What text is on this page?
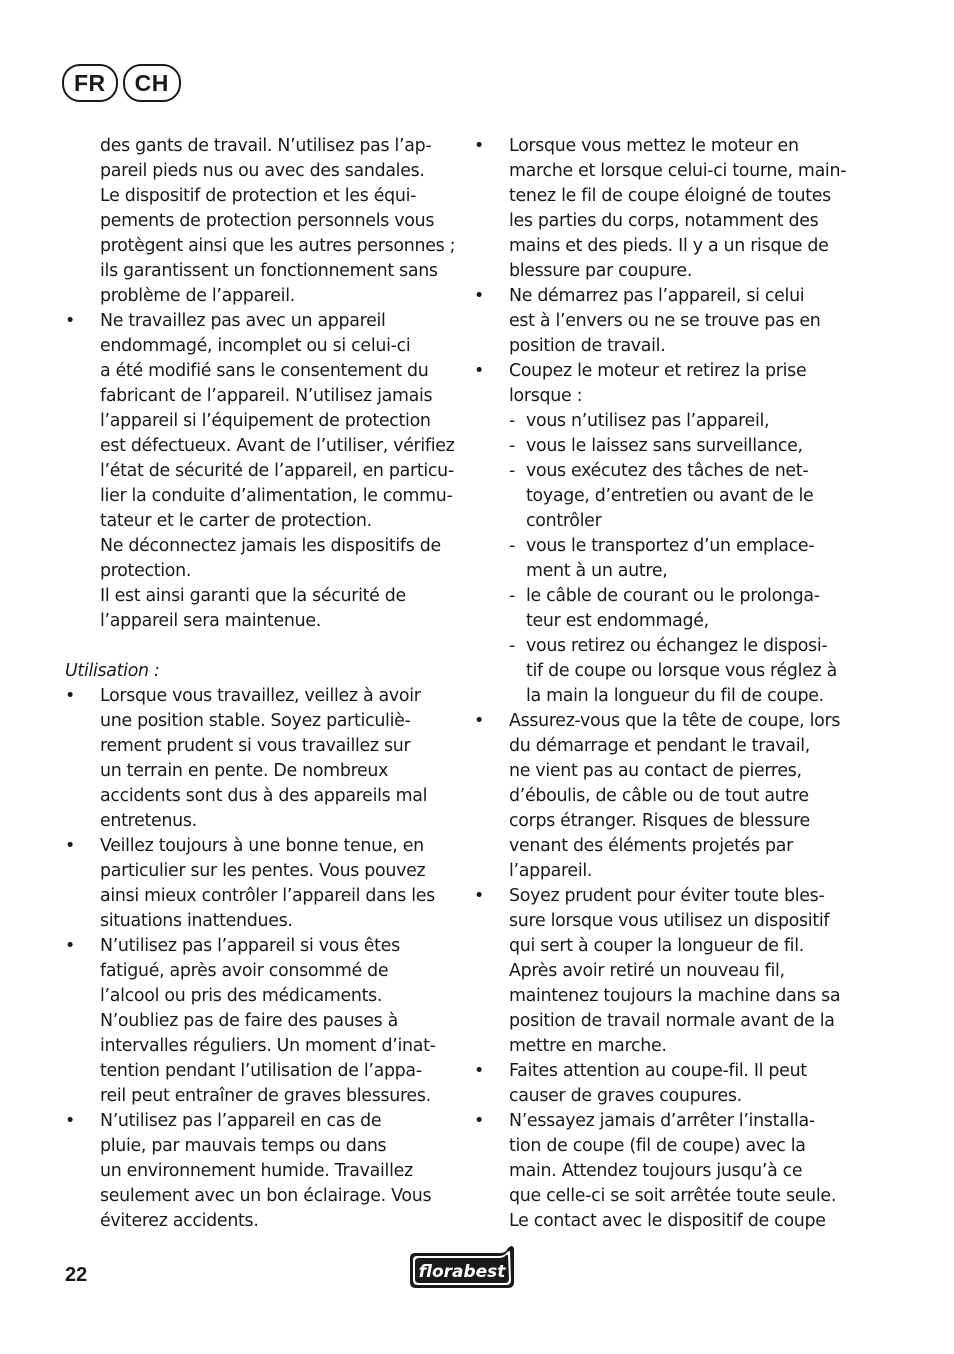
FR	CH
des gants de travail. N’utilisez pas l’ap-
pareil pieds nus ou avec des sandales.
Le dispositif de protection et les équi-
pements de protection personnels vous
protègent ainsi que les autres personnes ;
ils garantissent un fonctionnement sans
problème de l’appareil.
• Ne travaillez pas avec un appareil
endommagé, incomplet ou si celui-ci
a été modifié sans le consentement du
fabricant de l’appareil. N’utilisez jamais
l’appareil si l’équipement de protection
est défectueux. Avant de l’utiliser, vérifiez
l’état de sécurité de l’appareil, en particu-
lier la conduite d’alimentation, le commu-
tateur et le carter de protection.
Ne déconnectez jamais les dispositifs de
protection.
Il est ainsi garanti que la sécurité de
l’appareil sera maintenue.
Utilisation :
• Lorsque vous travaillez, veillez à avoir
une position stable. Soyez particuliè-
rement prudent si vous travaillez sur
un terrain en pente. De nombreux
accidents sont dus à des appareils mal
entretenus.
• Veillez toujours à une bonne tenue, en
particulier sur les pentes. Vous pouvez
ainsi mieux contrôler l’appareil dans les
situations inattendues.
• N’utilisez pas l’appareil si vous êtes
fatigué, après avoir consommé de
l’alcool ou pris des médicaments.
N’oubliez pas de faire des pauses à
intervalles réguliers. Un moment d’inat-
tention pendant l’utilisation de l’appa-
reil peut entraîner de graves blessures.
• N’utilisez pas l’appareil en cas de
pluie, par mauvais temps ou dans
un environnement humide. Travaillez
seulement avec un bon éclairage. Vous
éviterez accidents.
• Lorsque vous mettez le moteur en
marche et lorsque celui-ci tourne, main-
tenez le fil de coupe éloigné de toutes
les parties du corps, notamment des
mains et des pieds. Il y a un risque de
blessure par coupure.
• Ne démarrez pas l’appareil, si celui
est à l’envers ou ne se trouve pas en
position de travail.
• Coupez le moteur et retirez la prise
lorsque :
- vous n’utilisez pas l’appareil,
- vous le laissez sans surveillance,
- vous exécutez des tâches de net-
toyage, d’entretien ou avant de le
contrôler
- vous le transportez d’un emplace-
ment à un autre,
- le câble de courant ou le prolonga-
teur est endommagé,
- vous retirez ou échangez le disposi-
tif de coupe ou lorsque vous réglez à
la main la longueur du fil de coupe.
• Assurez-vous que la tête de coupe, lors
du démarrage et pendant le travail,
ne vient pas au contact de pierres,
d’éboulis, de câble ou de tout autre
corps étranger. Risques de blessure
venant des éléments projetés par
l’appareil.
• Soyez prudent pour éviter toute bles-
sure lorsque vous utilisez un dispositif
qui sert à couper la longueur de fil.
Après avoir retiré un nouveau fil,
maintenez toujours la machine dans sa
position de travail normale avant de la
mettre en marche.
• Faites attention au coupe-fil. Il peut
causer de graves coupures.
• N’essayez jamais d’arrêter l’installa-
tion de coupe (fil de coupe) avec la
main. Attendez toujours jusqu’à ce
que celle-ci se soit arrêtée toute seule.
Le contact avec le dispositif de coupe
22	florabest
